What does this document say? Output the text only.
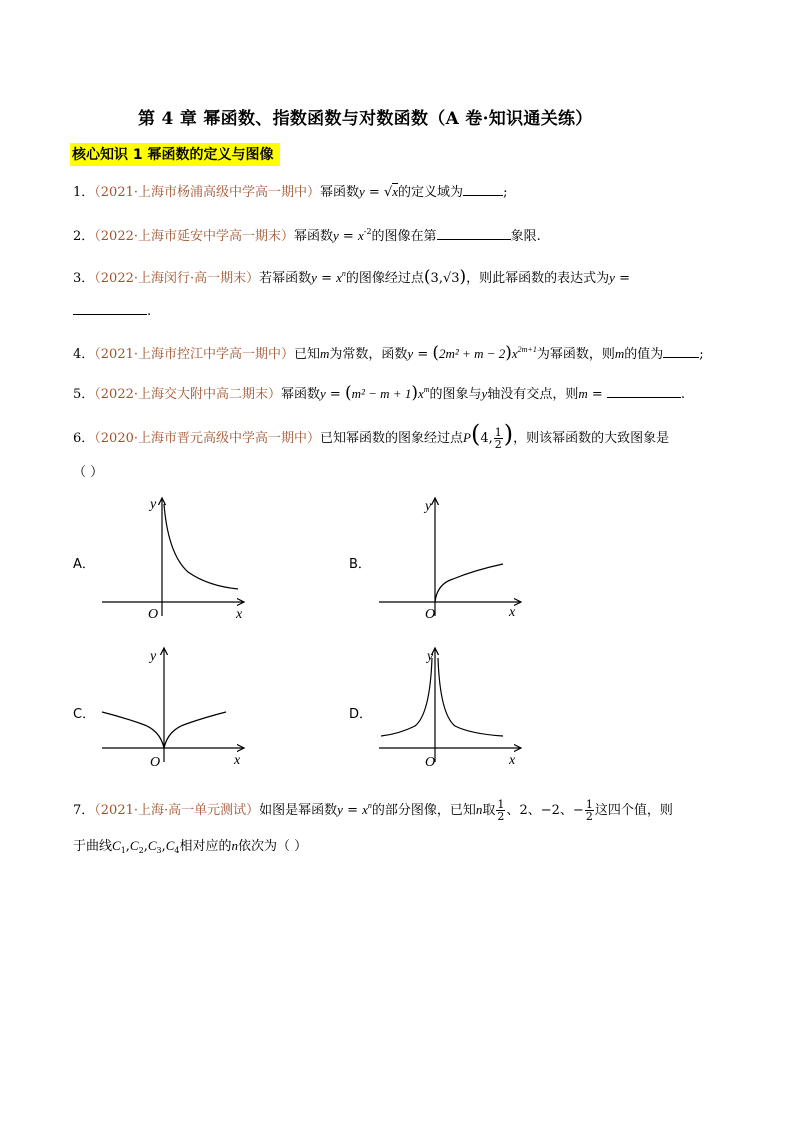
第 4 章 幂函数、指数函数与对数函数（A 卷·知识通关练）
核心知识 1 幂函数的定义与图像
1．（2021·上海市杨浦高级中学高一期中）幂函数y = √x的定义域为	;
2．（2022·上海市延安中学高一期末）幂函数$y = x^{-2}$的图像在第	象限.
3．（2022·上海闵行·高一期末）若幂函数$y = x^n$的图像经过点(3,√3)，则此幂函数的表达式为y =
.
4．（2021·上海市控江中学高一期中）已知m为常数，函数$y = (2m^2 + m - 2)x^{2m+1}$为幂函数，则m的值为	;
5．（2022·上海交大附中高二期末）幂函数$y = (m^2 - m + 1)x^m$的图象与y轴没有交点，则m =	.
6．（2020·上海市晋元高级中学高一期中）已知幂函数的图象经过点P(4, $\frac{1}{2}$ )，则该幂函数的大致图象是
（ ）
A．	B．
C．	D．
y
x
O
y
x
O
y
x
O
y
x
O
7．（2021·上海·高一单元测试）如图是幂函数$y = x^n$的部分图像，已知n取 $\frac{1}{2}$ 、2、−2、− $\frac{1}{2}$ 这四个值，则
于曲线$C_1,C_2,C_3,C_4$相对应的n依次为（ ）
